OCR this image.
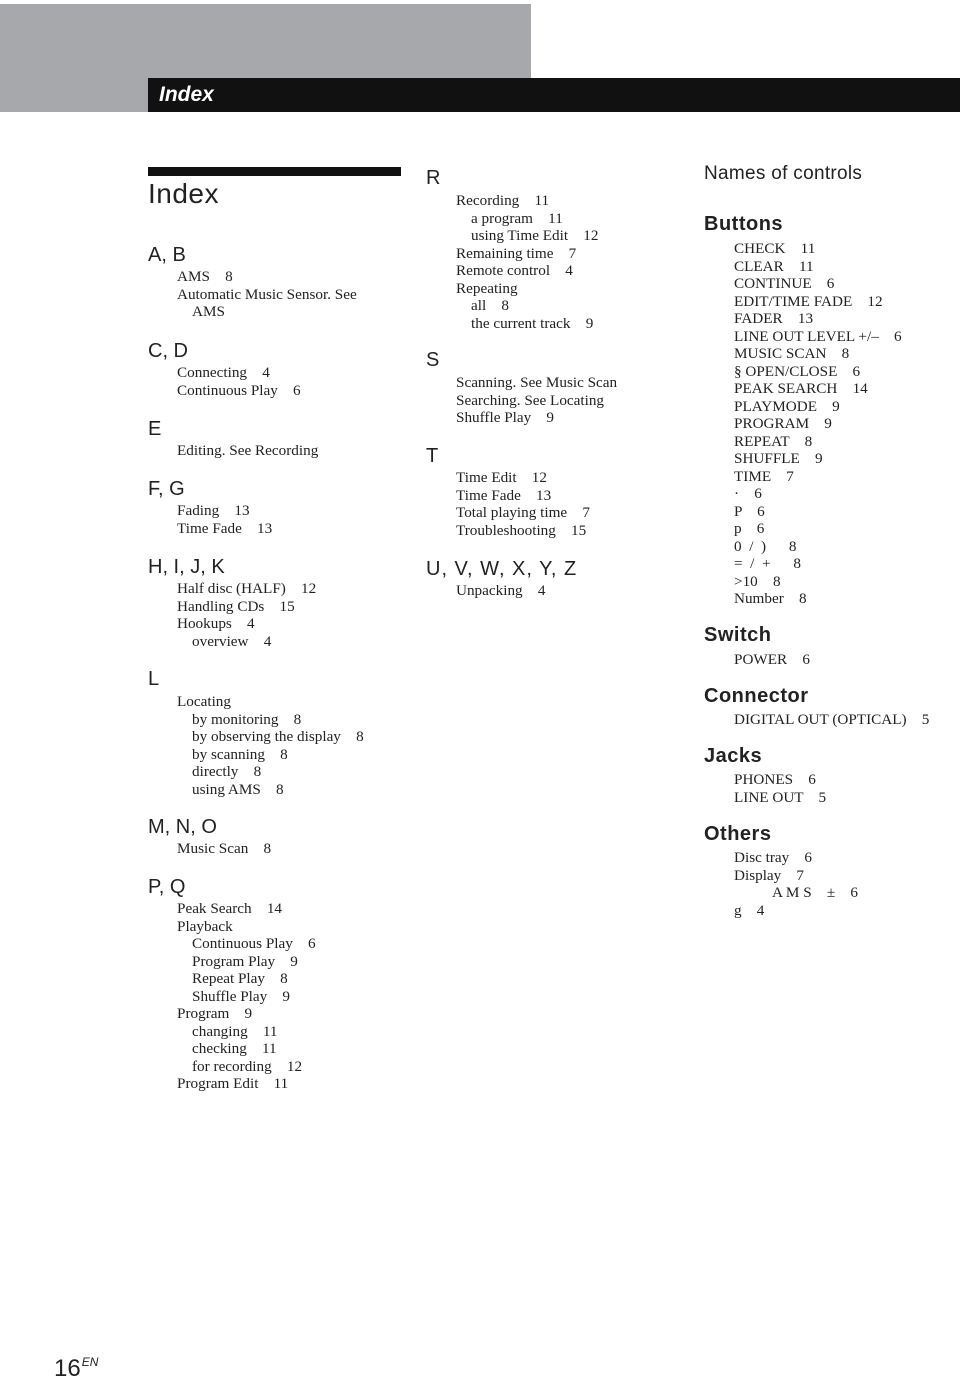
Index
Index
A, B
AMS    8
Automatic Music Sensor. See
AMS
C, D
Connecting    4
Continuous Play    6
E
Editing. See Recording
F, G
Fading    13
Time Fade    13
H, I, J, K
Half disc (HALF)    12
Handling CDs    15
Hookups    4
overview    4
L
Locating
by monitoring    8
by observing the display    8
by scanning    8
directly    8
using AMS    8
M, N, O
Music Scan    8
P, Q
Peak Search    14
Playback
Continuous Play    6
Program Play    9
Repeat Play    8
Shuffle Play    9
Program    9
changing    11
checking    11
for recording    12
Program Edit    11
R
Recording    11
a program    11
using Time Edit    12
Remaining time    7
Remote control    4
Repeating
all    8
the current track    9
S
Scanning. See Music Scan
Searching. See Locating
Shuffle Play    9
T
Time Edit    12
Time Fade    13
Total playing time    7
Troubleshooting    15
U, V, W, X, Y, Z
Unpacking    4
Names of controls
Buttons
CHECK    11
CLEAR    11
CONTINUE    6
EDIT/TIME FADE    12
FADER    13
LINE OUT LEVEL +/–    6
MUSIC SCAN    8
§ OPEN/CLOSE    6
PEAK SEARCH    14
PLAYMODE    9
PROGRAM    9
REPEAT    8
SHUFFLE    9
TIME    7
·    6
P    6
p    6
0  /  )      8
=  /  +      8
>10    8
Number    8
Switch
POWER    6
Connector
DIGITAL OUT (OPTICAL)    5
Jacks
PHONES    6
LINE OUT    5
Others
Disc tray    6
Display    7
A M S    ±    6
g    4
$16^{EN}$
